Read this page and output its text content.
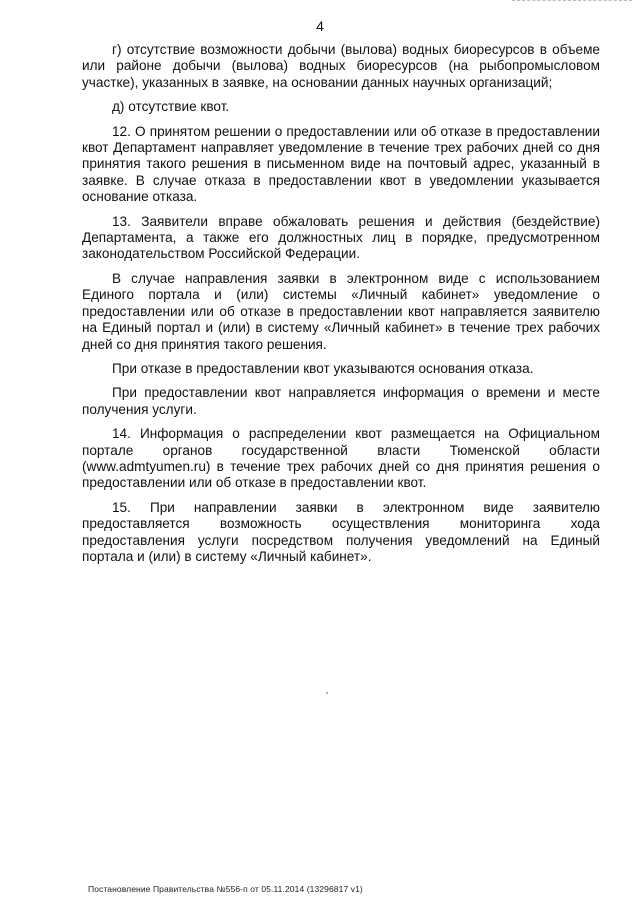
4

г) отсутствие возможности добычи (вылова) водных биоресурсов в объеме или районе добычи (вылова) водных биоресурсов (на рыбопромысловом участке), указанных в заявке, на основании данных научных организаций;

д) отсутствие квот.

12. О принятом решении о предоставлении или об отказе в предоставлении квот Департамент направляет уведомление в течение трех рабочих дней со дня принятия такого решения в письменном виде на почтовый адрес, указанный в заявке. В случае отказа в предоставлении квот в уведомлении указывается основание отказа.

13. Заявители вправе обжаловать решения и действия (бездействие) Департамента, а также его должностных лиц в порядке, предусмотренном законодательством Российской Федерации.

В случае направления заявки в электронном виде с использованием Единого портала и (или) системы «Личный кабинет» уведомление о предоставлении или об отказе в предоставлении квот направляется заявителю на Единый портал и (или) в систему «Личный кабинет» в течение трех рабочих дней со дня принятия такого решения.

При отказе в предоставлении квот указываются основания отказа.

При предоставлении квот направляется информация о времени и месте получения услуги.

14. Информация о распределении квот размещается на Официальном портале органов государственной власти Тюменской области (www.admtyumen.ru) в течение трех рабочих дней со дня принятия решения о предоставлении или об отказе в предоставлении квот.

15. При направлении заявки в электронном виде заявителю предоставляется возможность осуществления мониторинга хода предоставления услуги посредством получения уведомлений на Единый портала и (или) в систему «Личный кабинет».

Постановление Правительства №556-п от 05.11.2014 (13296817 v1)
